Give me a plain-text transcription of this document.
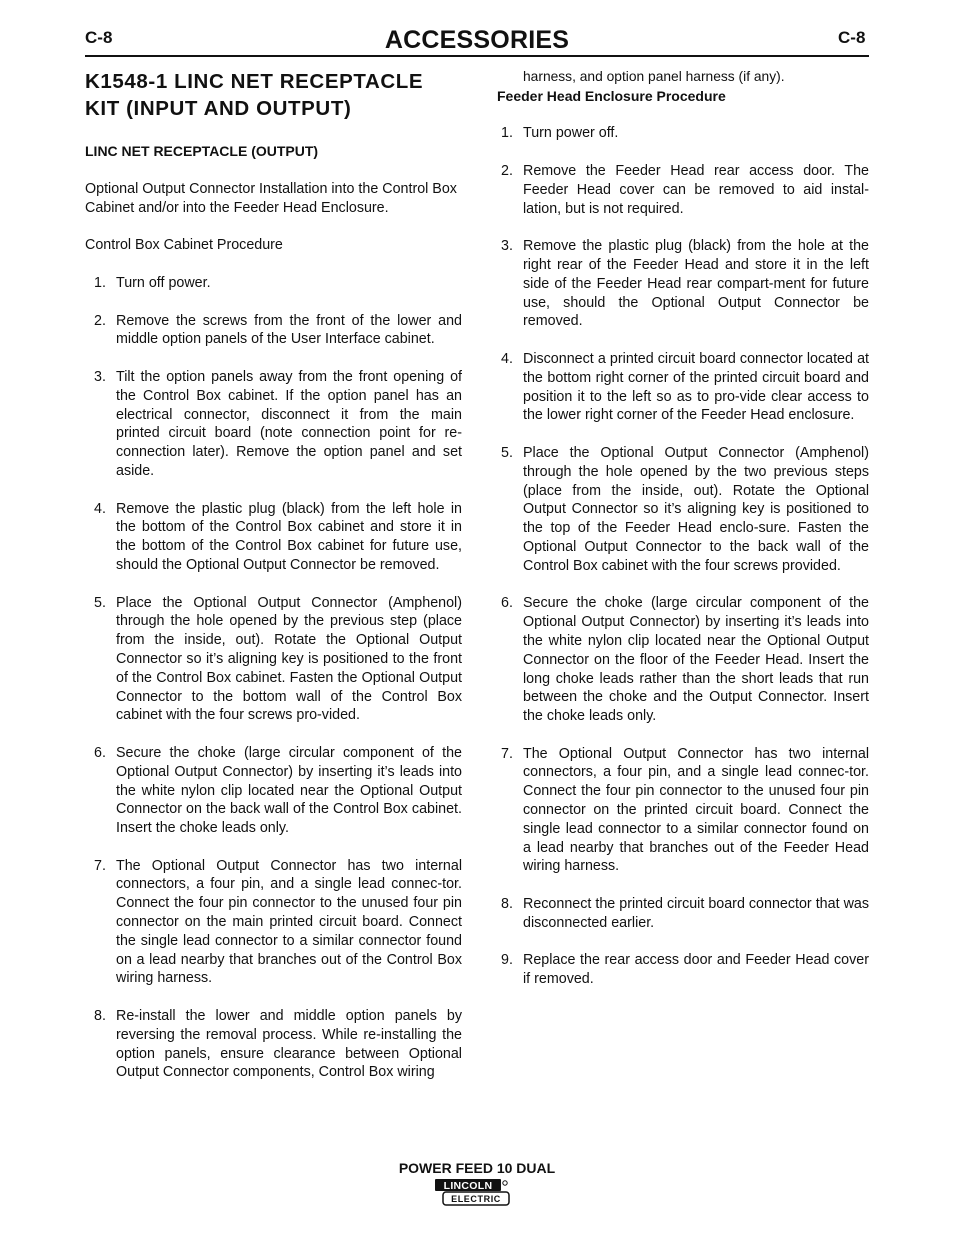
C-8	ACCESSORIES	C-8
K1548-1 LINC NET RECEPTACLE KIT (INPUT AND OUTPUT)
LINC NET RECEPTACLE (OUTPUT)

Optional Output Connector Installation into the Control Box Cabinet and/or into the Feeder Head Enclosure.

Control Box Cabinet Procedure

1. Turn off power.
2. Remove the screws from the front of the lower and middle option panels of the User Interface cabinet.
3. Tilt the option panels away from the front opening of the Control Box cabinet. If the option panel has an electrical connector, disconnect it from the main printed circuit board (note connection point for re-connection later). Remove the option panel and set aside.
4. Remove the plastic plug (black) from the left hole in the bottom of the Control Box cabinet and store it in the bottom of the Control Box cabinet for future use, should the Optional Output Connector be removed.
5. Place the Optional Output Connector (Amphenol) through the hole opened by the previous step (place from the inside, out). Rotate the Optional Output Connector so it’s aligning key is positioned to the front of the Control Box cabinet. Fasten the Optional Output Connector to the bottom wall of the Control Box cabinet with the four screws pro-vided.
6. Secure the choke (large circular component of the Optional Output Connector) by inserting it’s leads into the white nylon clip located near the Optional Output Connector on the back wall of the Control Box cabinet. Insert the choke leads only.
7. The Optional Output Connector has two internal connectors, a four pin, and a single lead connec-tor. Connect the four pin connector to the unused four pin connector on the main printed circuit board. Connect the single lead connector to a similar connector found on a lead nearby that branches out of the Control Box wiring harness.
8. Re-install the lower and middle option panels by reversing the removal process. While re-installing the option panels, ensure clearance between Optional Output Connector components, Control Box wiring

harness, and option panel harness (if any).

Feeder Head Enclosure Procedure
1. Turn power off.
2. Remove the Feeder Head rear access door. The Feeder Head cover can be removed to aid instal-lation, but is not required.
3. Remove the plastic plug (black) from the hole at the right rear of the Feeder Head and store it in the left side of the Feeder Head rear compart-ment for future use, should the Optional Output Connector be removed.
4. Disconnect a printed circuit board connector located at the bottom right corner of the printed circuit board and position it to the left so as to pro-vide clear access to the lower right corner of the Feeder Head enclosure.
5. Place the Optional Output Connector (Amphenol) through the hole opened by the two previous steps (place from the inside, out). Rotate the Optional Output Connector so it’s aligning key is positioned to the top of the Feeder Head enclo-sure. Fasten the Optional Output Connector to the back wall of the Control Box cabinet with the four screws provided.
6. Secure the choke (large circular component of the Optional Output Connector) by inserting it’s leads into the white nylon clip located near the Optional Output Connector on the floor of the Feeder Head. Insert the long choke leads rather than the short leads that run between the choke and the Output Connector. Insert the choke leads only.
7. The Optional Output Connector has two internal connectors, a four pin, and a single lead connec-tor. Connect the four pin connector to the unused four pin connector on the printed circuit board. Connect the single lead connector to a similar connector found on a lead nearby that branches out of the Feeder Head wiring harness.
8. Reconnect the printed circuit board connector that was disconnected earlier.
9. Replace the rear access door and Feeder Head cover if removed.
POWER FEED 10 DUAL
LINCOLN
ELECTRIC
